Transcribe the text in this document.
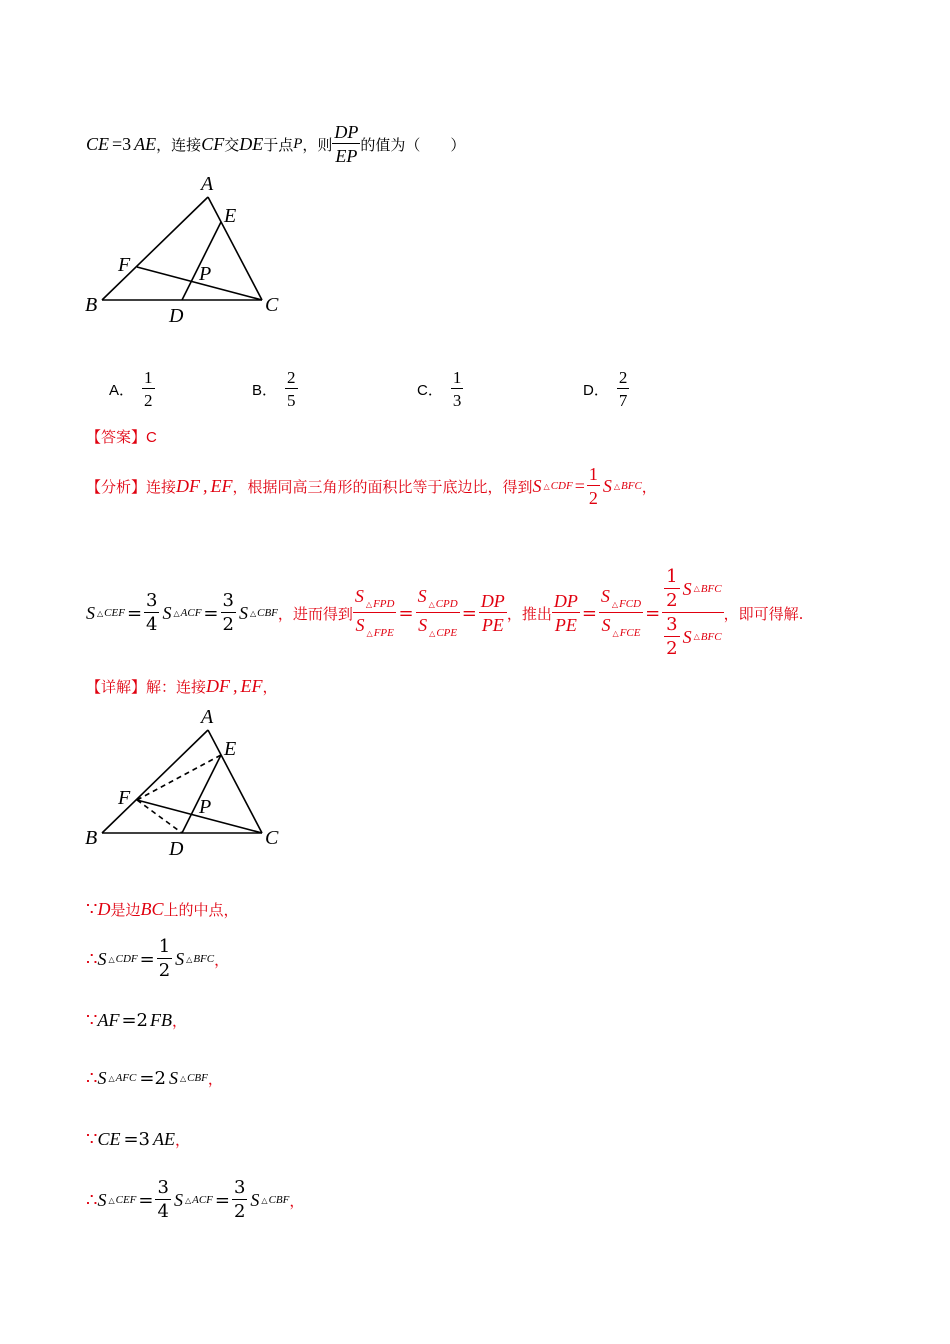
CE =3 AE ，连接 CF 交 DE 于点 P ，则 $\frac{DP}{EP}$ 的值为（　　）
A
E
F	P
B	D	C
A． $\frac{1}{2}$	B． $\frac{2}{5}$	C． $\frac{1}{3}$	D． $\frac{2}{7}$
【答案】C
【分析】 连接 DF , EF ，根据同高三角形的面积比等于底边比，得到 S △ CDF = $\frac{1}{2}$ S △ BFC ，
S △ CEF = $\frac{3}{4}$ S △ ACF = $\frac{3}{2}$ S △ CBF ，进而得到 $\frac{S _{\triangle FPD}}{S _{\triangle FPE}} = \frac{S _{\triangle CPD}}{S _{\triangle CPE}} = \frac{DP}{PE}$ ，推出 $\frac{DP}{PE} = \frac{S _{\triangle FCD}}{S _{\triangle FCE}} = \frac{\frac{1}{2} S \triangle BFC}{\frac{3}{2} S \triangle BFC}$ ，即可得解.
【详解】 解：连接 DF , EF ，
A
E
F	P
B	D	C
∵ D 是边 BC 上的中点，
∴ S △ CDF = $\frac{1}{2}$ S △ BFC ，
∵ AF =2 FB ，
∴ S △ AFC =2 S △ CBF ，
∵ CE =3 AE ，
∴ S △ CEF = $\frac{3}{4}$ S △ ACF = $\frac{3}{2}$ S △ CBF ，
